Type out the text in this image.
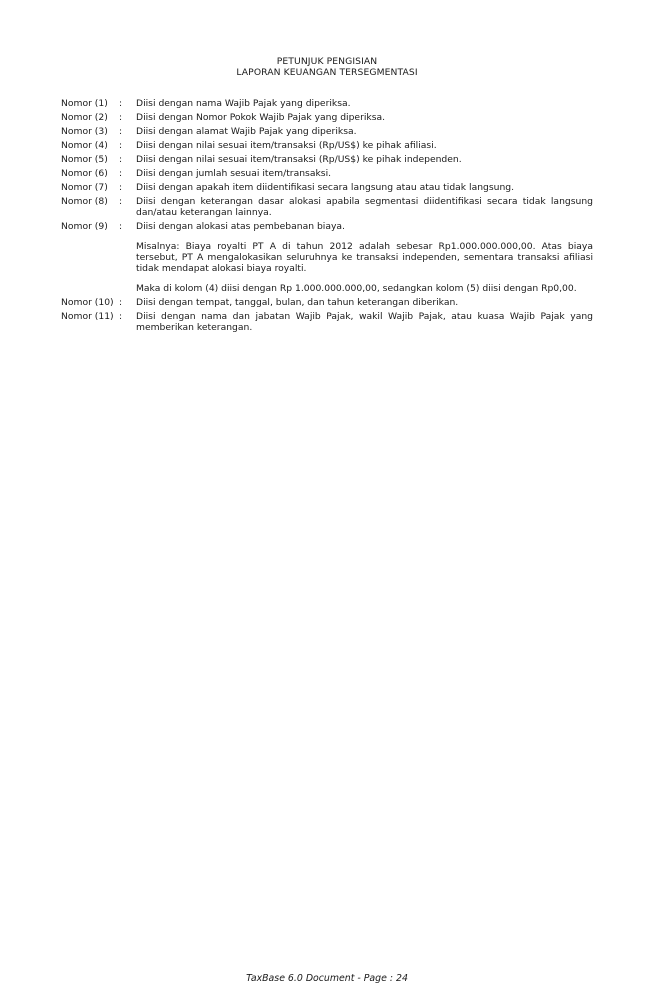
PETUNJUK PENGISIAN
LAPORAN KEUANGAN TERSEGMENTASI
Nomor (1)	:	Diisi dengan nama Wajib Pajak yang diperiksa.
Nomor (2)	:	Diisi dengan Nomor Pokok Wajib Pajak yang diperiksa.
Nomor (3)	:	Diisi dengan alamat Wajib Pajak yang diperiksa.
Nomor (4)	:	Diisi dengan nilai sesuai item/transaksi (Rp/US$) ke pihak afiliasi.
Nomor (5)	:	Diisi dengan nilai sesuai item/transaksi (Rp/US$) ke pihak independen.
Nomor (6)	:	Diisi dengan jumlah sesuai item/transaksi.
Nomor (7)	:	Diisi dengan apakah item diidentifikasi secara langsung atau atau tidak langsung.
Nomor (8)	:	Diisi dengan keterangan dasar alokasi apabila segmentasi diidentifikasi secara tidak langsung dan/atau keterangan lainnya.
Nomor (9)	:	Diisi dengan alokasi atas pembebanan biaya.
Misalnya: Biaya royalti PT A di tahun 2012 adalah sebesar Rp1.000.000.000,00. Atas biaya tersebut, PT A mengalokasikan seluruhnya ke transaksi independen, sementara transaksi afiliasi tidak mendapat alokasi biaya royalti.
Maka di kolom (4) diisi dengan Rp 1.000.000.000,00, sedangkan kolom (5) diisi dengan Rp0,00.
Nomor (10) :	Diisi dengan tempat, tanggal, bulan, dan tahun keterangan diberikan.
Nomor (11) :	Diisi dengan nama dan jabatan Wajib Pajak, wakil Wajib Pajak, atau kuasa Wajib Pajak yang memberikan keterangan.
TaxBase 6.0 Document - Page : 24
